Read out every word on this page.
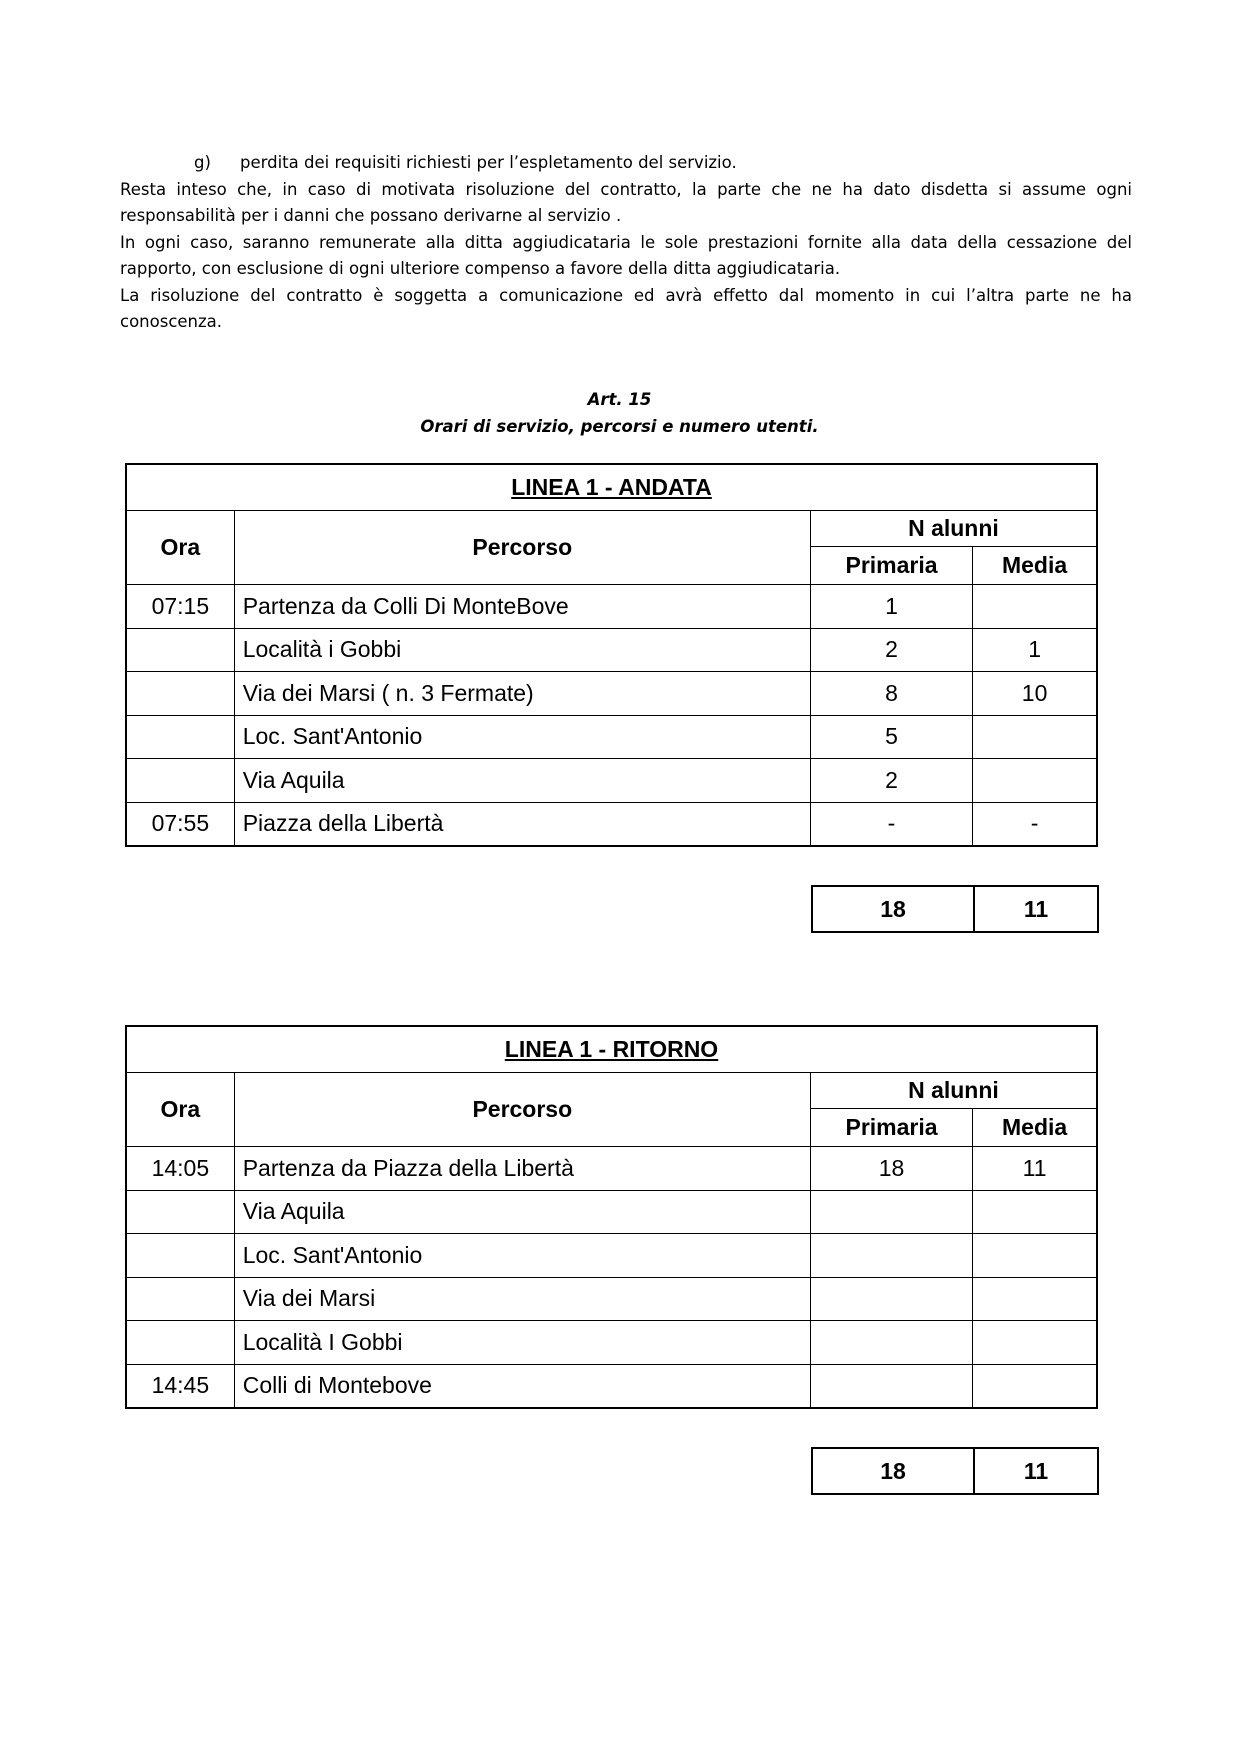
g) perdita dei requisiti richiesti per l’espletamento del servizio.

Resta inteso che, in caso di motivata risoluzione del contratto, la parte che ne ha dato disdetta si assume ogni responsabilità per i danni che possano derivarne al servizio .

In ogni caso, saranno remunerate alla ditta aggiudicataria le sole prestazioni fornite alla data della cessazione del rapporto, con esclusione di ogni ulteriore compenso a favore della ditta aggiudicataria.

La risoluzione del contratto è soggetta a comunicazione ed avrà effetto dal momento in cui l’altra parte ne ha conoscenza.

Art. 15
Orari di servizio, percorsi e numero utenti.
LINEA 1 - ANDATA			
Ora	Percorso	N alunni	
		Primaria	Media
07:15	Partenza da Colli Di MonteBove	1	
	Località i Gobbi	2	1
	Via dei Marsi ( n. 3 Fermate)	8	10
	Loc. Sant'Antonio	5	
	Via Aquila	2	
07:55	Piazza della Libertà	-	-
18	11
LINEA 1 - RITORNO			
Ora	Percorso	N alunni	
		Primaria	Media
14:05	Partenza da Piazza della Libertà	18	11
	Via Aquila		
	Loc. Sant'Antonio		
	Via dei Marsi		
	Località I Gobbi		
14:45	Colli di Montebove		
18	11
